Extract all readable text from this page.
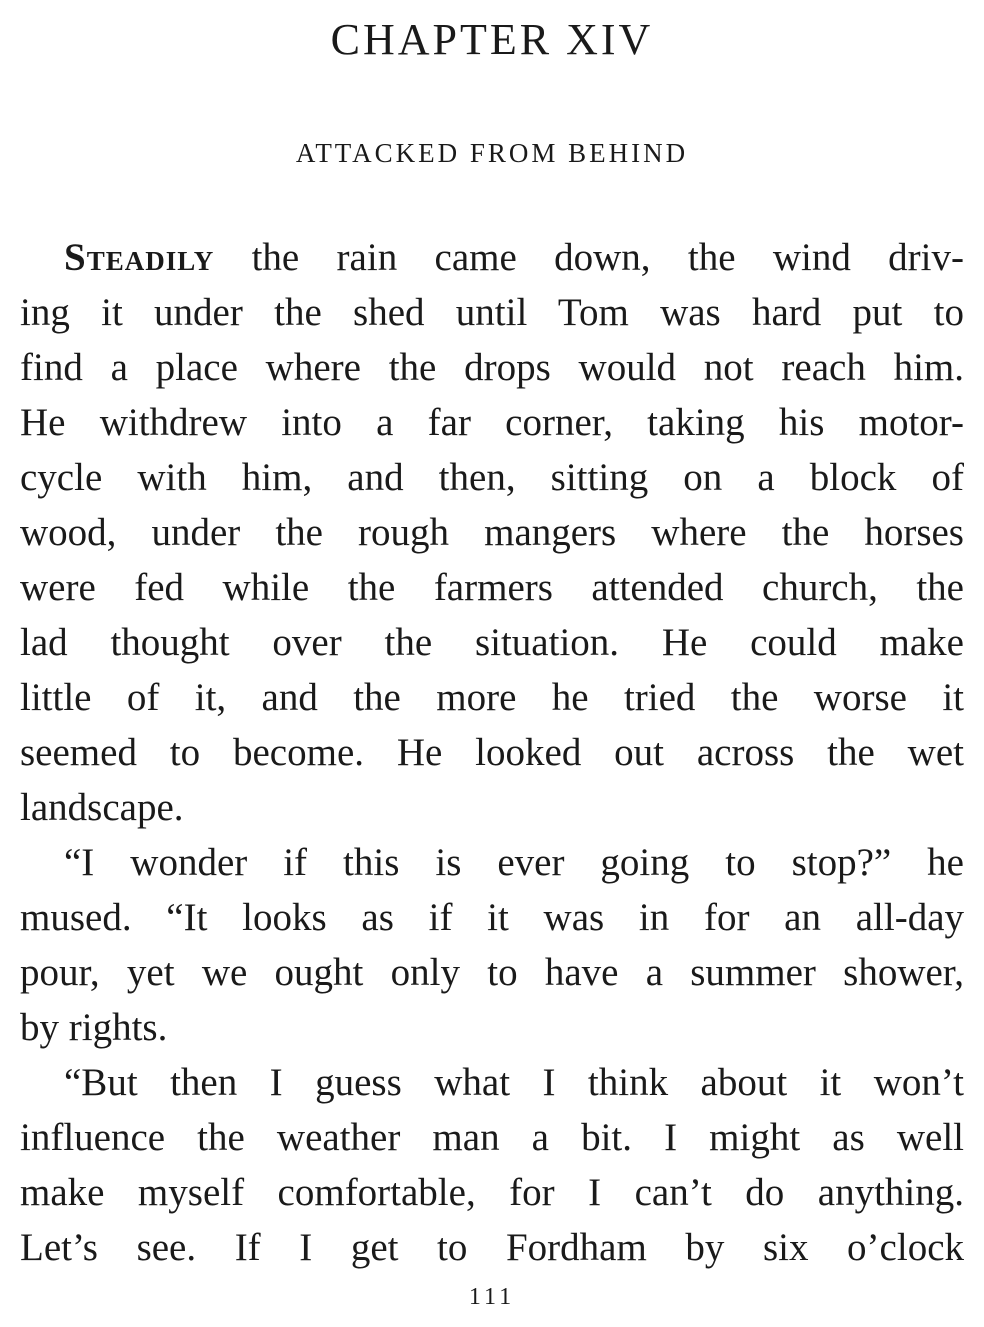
CHAPTER XIV
ATTACKED FROM BEHIND
Steadily the rain came down, the wind driv-
ing it under the shed until Tom was hard put to
find a place where the drops would not reach him.
He withdrew into a far corner, taking his motor-
cycle with him, and then, sitting on a block of
wood, under the rough mangers where the horses
were fed while the farmers attended church, the
lad thought over the situation. He could make
little of it, and the more he tried the worse it
seemed to become. He looked out across the wet
landscape.
“I wonder if this is ever going to stop?” he
mused. “It looks as if it was in for an all-day
pour, yet we ought only to have a summer shower,
by rights.
“But then I guess what I think about it won’t
influence the weather man a bit. I might as well
make myself comfortable, for I can’t do anything.
Let’s see. If I get to Fordham by six o’clock
111
